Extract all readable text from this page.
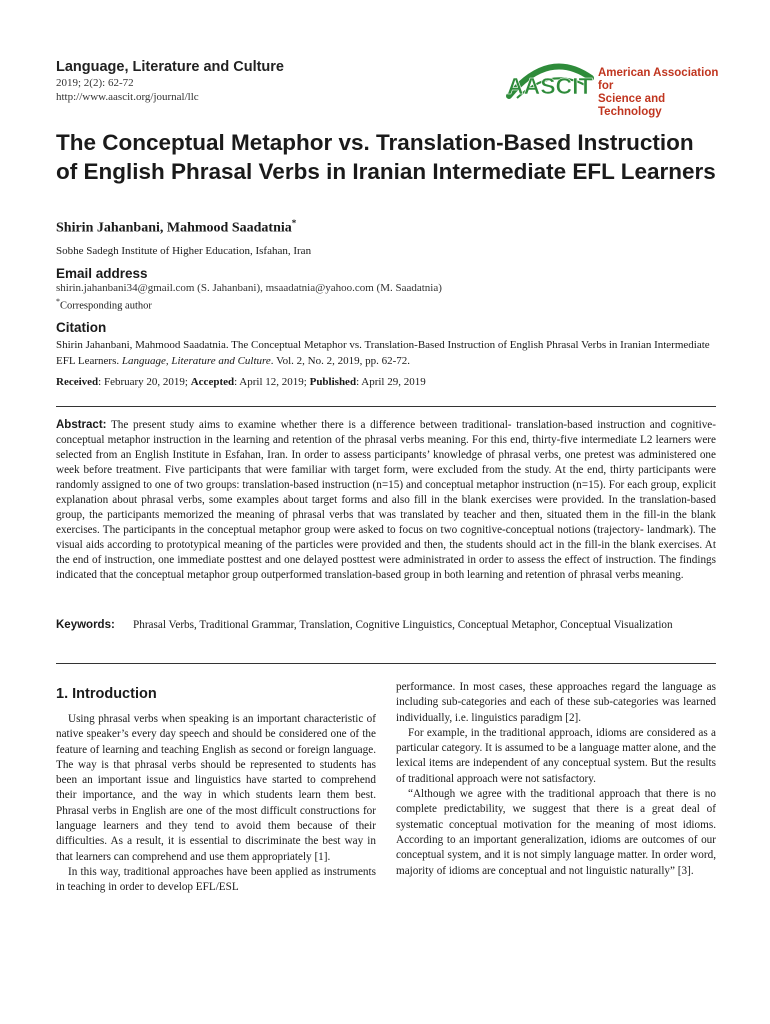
Language, Literature and Culture
2019; 2(2): 62-72
http://www.aascit.org/journal/llc	AASCIT American Association for
Science and Technology
The Conceptual Metaphor vs. Translation-Based Instruction of English Phrasal Verbs in Iranian Intermediate EFL Learners
Shirin Jahanbani, Mahmood Saadatnia*
Sobhe Sadegh Institute of Higher Education, Isfahan, Iran
Email address
shirin.jahanbani34@gmail.com (S. Jahanbani), msaadatnia@yahoo.com (M. Saadatnia)
*Corresponding author
Citation
Shirin Jahanbani, Mahmood Saadatnia. The Conceptual Metaphor vs. Translation-Based Instruction of English Phrasal Verbs in Iranian Intermediate EFL Learners. Language, Literature and Culture. Vol. 2, No. 2, 2019, pp. 62-72.
Received: February 20, 2019; Accepted: April 12, 2019; Published: April 29, 2019

Abstract: The present study aims to examine whether there is a difference between traditional- translation-based instruction and cognitive-conceptual metaphor instruction in the learning and retention of the phrasal verbs meaning. For this end, thirty-five intermediate L2 learners were selected from an English Institute in Esfahan, Iran. In order to assess participants’ knowledge of phrasal verbs, one pretest was administered one week before treatment. Five participants that were familiar with target form, were excluded from the study. At the end, thirty participants were randomly assigned to one of two groups: translation-based instruction (n=15) and conceptual metaphor instruction (n=15). For each group, explicit explanation about phrasal verbs, some examples about target forms and also fill in the blank exercises were provided. In the translation-based group, the participants memorized the meaning of phrasal verbs that was translated by teacher and then, situated them in the fill-in the blank exercises. The participants in the conceptual metaphor group were asked to focus on two cognitive-conceptual notions (trajectory- landmark). The visual aids according to prototypical meaning of the particles were provided and then, the students should act in the fill-in the blank exercises. At the end of instruction, one immediate posttest and one delayed posttest were administrated in order to assess the effect of instruction. The findings indicated that the conceptual metaphor group outperformed translation-based group in both learning and retention of phrasal verbs meaning.

Keywords: Phrasal Verbs, Traditional Grammar, Translation, Cognitive Linguistics, Conceptual Metaphor, Conceptual Visualization
1. Introduction

Using phrasal verbs when speaking is an important characteristic of native speaker’s every day speech and should be considered one of the feature of learning and teaching English as second or foreign language. The way is that phrasal verbs should be represented to students has been an important issue and linguistics have started to comprehend their importance, and the way in which students learn them best. Phrasal verbs in English are one of the most difficult constructions for language learners and they tend to avoid them because of their difficulties. As a result, it is essential to discriminate the best way in that learners can comprehend and use them appropriately [1].

In this way, traditional approaches have been applied as instruments in teaching in order to develop EFL/ESL

performance. In most cases, these approaches regard the language as including sub-categories and each of these sub-categories was learned individually, i.e. linguistics paradigm [2].

For example, in the traditional approach, idioms are considered as a particular category. It is assumed to be a language matter alone, and the lexical items are independent of any conceptual system. But the results of traditional approach were not satisfactory.

“Although we agree with the traditional approach that there is no complete predictability, we suggest that there is a great deal of systematic conceptual motivation for the meaning of most idioms. According to an important generalization, idioms are outcomes of our conceptual system, and it is not simply language matter. In order word, majority of idioms are conceptual and not linguistic naturally” [3].
